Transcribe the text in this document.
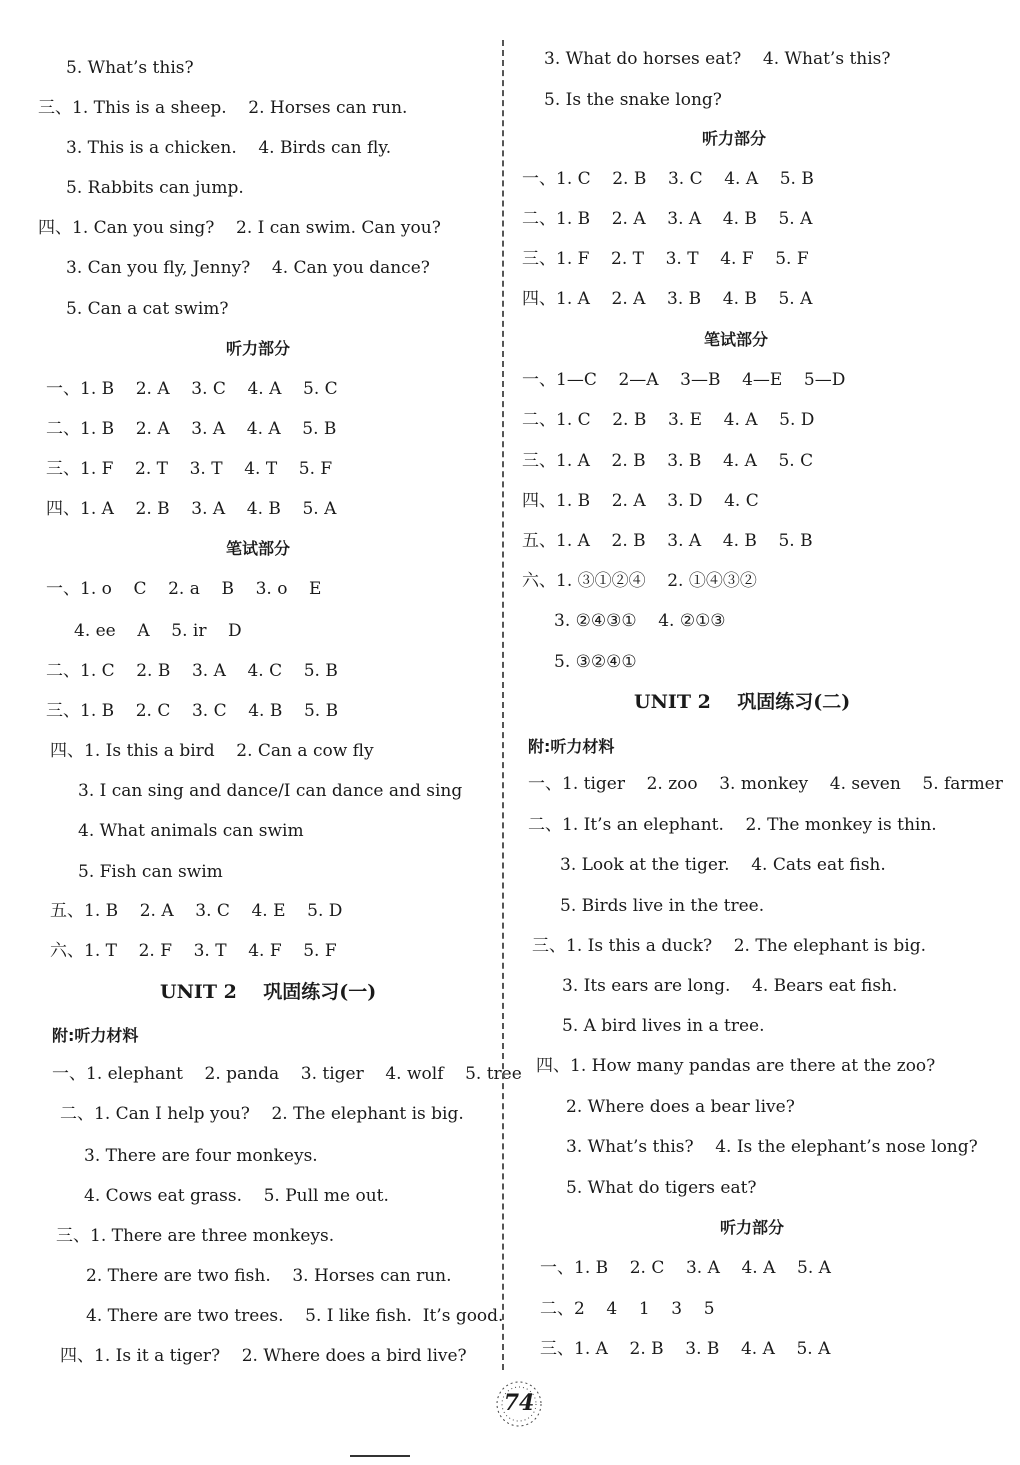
5. What’s this?
三、1. This is a sheep.    2. Horses can run.
3. This is a chicken.    4. Birds can fly.
5. Rabbits can jump.
四、1. Can you sing?    2. I can swim. Can you?
3. Can you fly, Jenny?    4. Can you dance?
5. Can a cat swim?
听力部分
一、1. B    2. A    3. C    4. A    5. C
二、1. B    2. A    3. A    4. A    5. B
三、1. F    2. T    3. T    4. T    5. F
四、1. A    2. B    3. A    4. B    5. A
笔试部分
一、1. o    C    2. a    B    3. o    E
4. ee    A    5. ir    D
二、1. C    2. B    3. A    4. C    5. B
三、1. B    2. C    3. C    4. B    5. B
四、1. Is this a bird    2. Can a cow fly
3. I can sing and dance/I can dance and sing
4. What animals can swim
5. Fish can swim
五、1. B    2. A    3. C    4. E    5. D
六、1. T    2. F    3. T    4. F    5. F
UNIT 2    巩固练习(一)
附:听力材料
一、1. elephant    2. panda    3. tiger    4. wolf    5. tree
二、1. Can I help you?    2. The elephant is big.
3. There are four monkeys.
4. Cows eat grass.    5. Pull me out.
三、1. There are three monkeys.
2. There are two fish.    3. Horses can run.
4. There are two trees.    5. I like fish.  It’s good.
四、1. Is it a tiger?    2. Where does a bird live?
3. What do horses eat?    4. What’s this?
5. Is the snake long?
听力部分
一、1. C    2. B    3. C    4. A    5. B
二、1. B    2. A    3. A    4. B    5. A
三、1. F    2. T    3. T    4. F    5. F
四、1. A    2. A    3. B    4. B    5. A
笔试部分
一、1—C    2—A    3—B    4—E    5—D
二、1. C    2. B    3. E    4. A    5. D
三、1. A    2. B    3. B    4. A    5. C
四、1. B    2. A    3. D    4. C
五、1. A    2. B    3. A    4. B    5. B
六、1. ③①②④    2. ①④③②
3. ②④③①    4. ②①③
5. ③②④①
UNIT 2    巩固练习(二)
附:听力材料
一、1. tiger    2. zoo    3. monkey    4. seven    5. farmer
二、1. It’s an elephant.    2. The monkey is thin.
3. Look at the tiger.    4. Cats eat fish.
5. Birds live in the tree.
三、1. Is this a duck?    2. The elephant is big.
3. Its ears are long.    4. Bears eat fish.
5. A bird lives in a tree.
四、1. How many pandas are there at the zoo?
2. Where does a bear live?
3. What’s this?    4. Is the elephant’s nose long?
5. What do tigers eat?
听力部分
一、1. B    2. C    3. A    4. A    5. A
二、2    4    1    3    5
三、1. A    2. B    3. B    4. A    5. A
74
